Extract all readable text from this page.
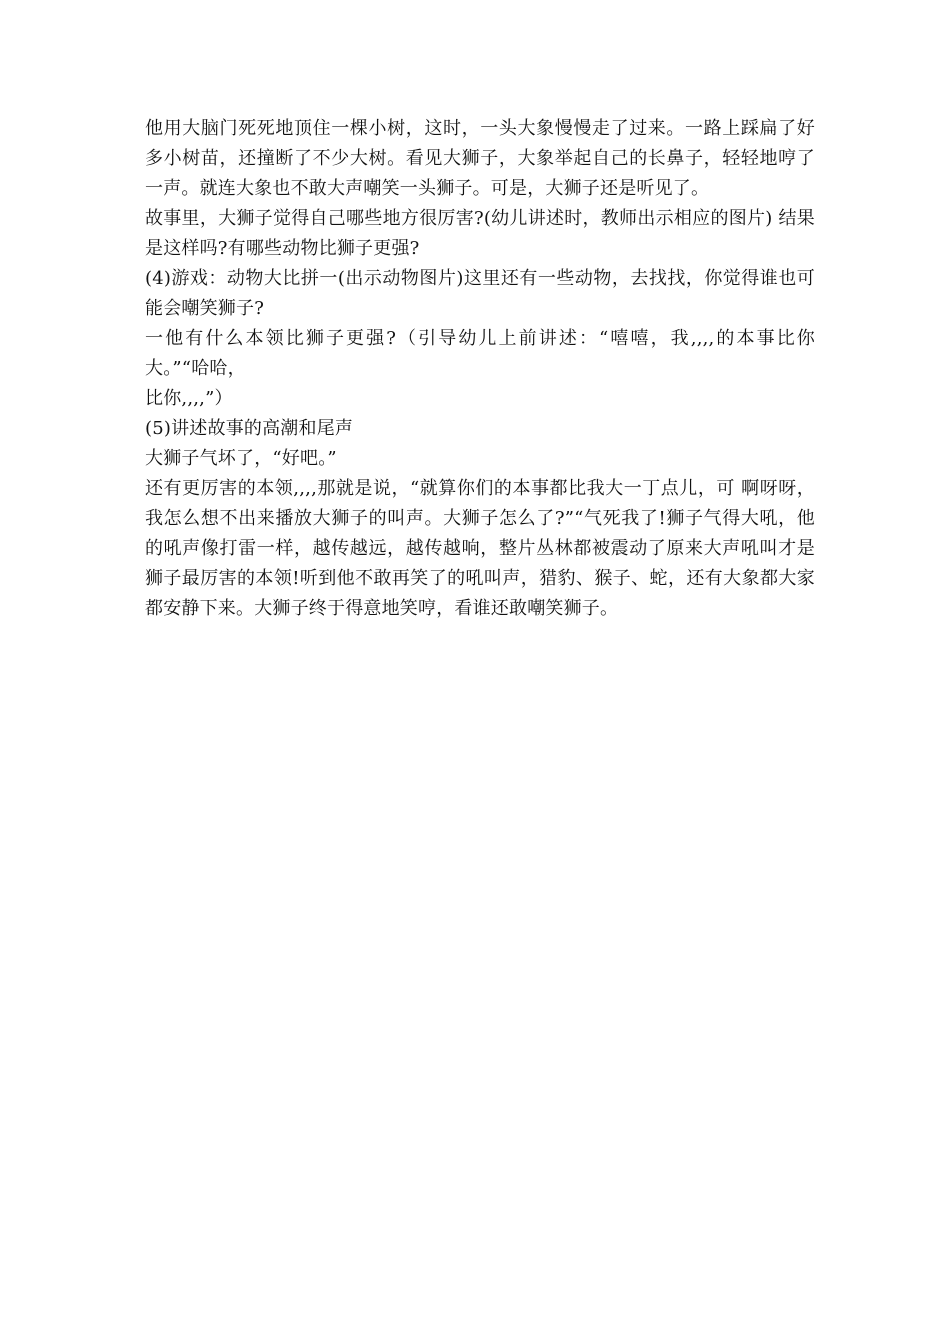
他用大脑门死死地顶住一棵小树，这时，一头大象慢慢走了过来。一路上踩扁了好多小树苗，还撞断了不少大树。看见大狮子，大象举起自己的长鼻子，轻轻地哼了一声。就连大象也不敢大声嘲笑一头狮子。可是，大狮子还是听见了。

故事里，大狮子觉得自己哪些地方很厉害?(幼儿讲述时，教师出示相应的图片) 结果是这样吗?有哪些动物比狮子更强?

(4)游戏：动物大比拼一(出示动物图片)这里还有一些动物，去找找，你觉得谁也可能会嘲笑狮子?

一他有什么本领比狮子更强?（引导幼儿上前讲述：“嘻嘻，我,,,,的本事比你大。”“哈哈，

比你,,,,”）

(5)讲述故事的高潮和尾声

大狮子气坏了，“好吧。”

还有更厉害的本领,,,,那就是说，“就算你们的本事都比我大一丁点儿，可 啊呀呀，我怎么想不出来播放大狮子的叫声。大狮子怎么了?”“气死我了!狮子气得大吼，他的吼声像打雷一样，越传越远，越传越响，整片丛林都被震动了原来大声吼叫才是狮子最厉害的本领!听到他不敢再笑了的吼叫声，猎豹、猴子、蛇，还有大象都大家都安静下来。大狮子终于得意地笑哼，看谁还敢嘲笑狮子。
